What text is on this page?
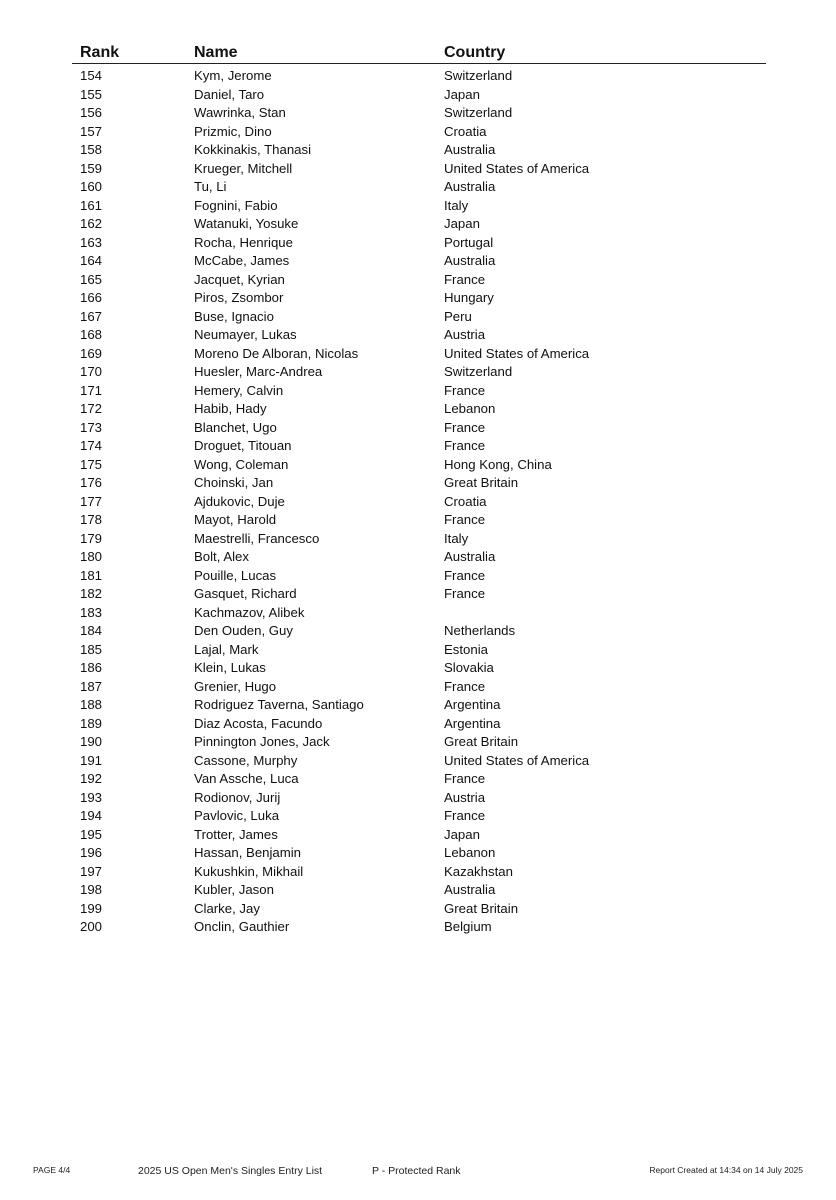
Rank	Name	Country
154	Kym, Jerome	Switzerland
155	Daniel, Taro	Japan
156	Wawrinka, Stan	Switzerland
157	Prizmic, Dino	Croatia
158	Kokkinakis, Thanasi	Australia
159	Krueger, Mitchell	United States of America
160	Tu, Li	Australia
161	Fognini, Fabio	Italy
162	Watanuki, Yosuke	Japan
163	Rocha, Henrique	Portugal
164	McCabe, James	Australia
165	Jacquet, Kyrian	France
166	Piros, Zsombor	Hungary
167	Buse, Ignacio	Peru
168	Neumayer, Lukas	Austria
169	Moreno De Alboran, Nicolas	United States of America
170	Huesler, Marc-Andrea	Switzerland
171	Hemery, Calvin	France
172	Habib, Hady	Lebanon
173	Blanchet, Ugo	France
174	Droguet, Titouan	France
175	Wong, Coleman	Hong Kong, China
176	Choinski, Jan	Great Britain
177	Ajdukovic, Duje	Croatia
178	Mayot, Harold	France
179	Maestrelli, Francesco	Italy
180	Bolt, Alex	Australia
181	Pouille, Lucas	France
182	Gasquet, Richard	France
183	Kachmazov, Alibek
184	Den Ouden, Guy	Netherlands
185	Lajal, Mark	Estonia
186	Klein, Lukas	Slovakia
187	Grenier, Hugo	France
188	Rodriguez Taverna, Santiago	Argentina
189	Diaz Acosta, Facundo	Argentina
190	Pinnington Jones, Jack	Great Britain
191	Cassone, Murphy	United States of America
192	Van Assche, Luca	France
193	Rodionov, Jurij	Austria
194	Pavlovic, Luka	France
195	Trotter, James	Japan
196	Hassan, Benjamin	Lebanon
197	Kukushkin, Mikhail	Kazakhstan
198	Kubler, Jason	Australia
199	Clarke, Jay	Great Britain
200	Onclin, Gauthier	Belgium
PAGE 4/4	2025 US Open Men's Singles Entry List	P - Protected Rank	Report Created at 14:34 on 14 July 2025
